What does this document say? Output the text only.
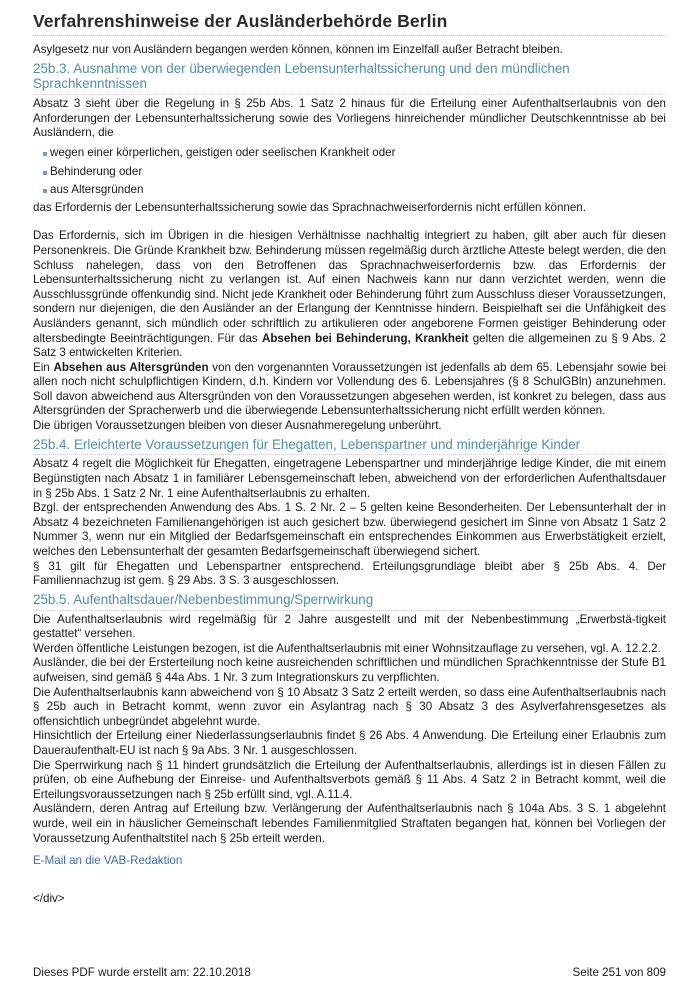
Verfahrenshinweise der Ausländerbehörde Berlin

Asylgesetz nur von Ausländern begangen werden können, können im Einzelfall außer Betracht bleiben.

25b.3. Ausnahme von der überwiegenden Lebensunterhaltssicherung und den mündlichen Sprachkenntnissen

Absatz 3 sieht über die Regelung in § 25b Abs. 1 Satz 2 hinaus für die Erteilung einer Aufenthaltserlaubnis von den Anforderungen der Lebensunterhaltssicherung sowie des Vorliegens hinreichender mündlicher Deutschkenntnisse ab bei Ausländern, die

wegen einer körperlichen, geistigen oder seelischen Krankheit oder
Behinderung oder
aus Altersgründen

das Erfordernis der Lebensunterhaltssicherung sowie das Sprachnachweiserfordernis nicht erfüllen können.

Das Erfordernis, sich im Übrigen in die hiesigen Verhältnisse nachhaltig integriert zu haben, gilt aber auch für diesen Personenkreis. Die Gründe Krankheit bzw. Behinderung müssen regelmäßig durch ärztliche Atteste belegt werden, die den Schluss nahelegen, dass von den Betroffenen das Sprachnachweiserfordernis bzw. das Erfordernis der Lebensunterhaltssicherung nicht zu verlangen ist. Auf einen Nachweis kann nur dann verzichtet werden, wenn die Ausschlussgründe offenkundig sind. Nicht jede Krankheit oder Behinderung führt zum Ausschluss dieser Voraussetzungen, sondern nur diejenigen, die den Ausländer an der Erlangung der Kenntnisse hindern. Beispielhaft sei die Unfähigkeit des Ausländers genannt, sich mündlich oder schriftlich zu artikulieren oder angeborene Formen geistiger Behinderung oder altersbedingte Beeinträchtigungen. Für das Absehen bei Behinderung, Krankheit gelten die allgemeinen zu § 9 Abs. 2 Satz 3 entwickelten Kriterien.

Ein Absehen aus Altersgründen von den vorgenannten Voraussetzungen ist jedenfalls ab dem 65. Lebensjahr sowie bei allen noch nicht schulpflichtigen Kindern, d.h. Kindern vor Vollendung des 6. Lebensjahres (§ 8 SchulGBln) anzunehmen. Soll davon abweichend aus Altersgründen von den Voraussetzungen abgesehen werden, ist konkret zu belegen, dass aus Altersgründen der Spracherwerb und die überwiegende Lebensunterhaltssicherung nicht erfüllt werden können.

Die übrigen Voraussetzungen bleiben von dieser Ausnahmeregelung unberührt.

25b.4. Erleichterte Voraussetzungen für Ehegatten, Lebenspartner und minderjährige Kinder

Absatz 4 regelt die Möglichkeit für Ehegatten, eingetragene Lebenspartner und minderjährige ledige Kinder, die mit einem Begünstigten nach Absatz 1 in familiärer Lebensgemeinschaft leben, abweichend von der erforderlichen Aufenthaltsdauer in § 25b Abs. 1 Satz 2 Nr. 1 eine Aufenthaltserlaubnis zu erhalten.

Bzgl. der entsprechenden Anwendung des Abs. 1 S. 2 Nr. 2 – 5 gelten keine Besonderheiten. Der Lebensunterhalt der in Absatz 4 bezeichneten Familienangehörigen ist auch gesichert bzw. überwiegend gesichert im Sinne von Absatz 1 Satz 2 Nummer 3, wenn nur ein Mitglied der Bedarfsgemeinschaft ein entsprechendes Einkommen aus Erwerbstätigkeit erzielt, welches den Lebensunterhalt der gesamten Bedarfsgemeinschaft überwiegend sichert.

§ 31 gilt für Ehegatten und Lebenspartner entsprechend. Erteilungsgrundlage bleibt aber § 25b Abs. 4. Der Familiennachzug ist gem. § 29 Abs. 3 S. 3 ausgeschlossen.

25b.5. Aufenthaltsdauer/Nebenbestimmung/Sperrwirkung

Die Aufenthaltserlaubnis wird regelmäßig für 2 Jahre ausgestellt und mit der Nebenbestimmung „Erwerbstä-tigkeit gestattet“ versehen.

Werden öffentliche Leistungen bezogen, ist die Aufenthaltserlaubnis mit einer Wohnsitzauflage zu versehen, vgl. A. 12.2.2.

Ausländer, die bei der Ersterteilung noch keine ausreichenden schriftlichen und mündlichen Sprachkenntnisse der Stufe B1 aufweisen, sind gemäß § 44a Abs. 1 Nr. 3 zum Integrationskurs zu verpflichten.

Die Aufenthaltserlaubnis kann abweichend von § 10 Absatz 3 Satz 2 erteilt werden, so dass eine Aufenthaltserlaubnis nach § 25b auch in Betracht kommt, wenn zuvor ein Asylantrag nach § 30 Absatz 3 des Asylverfahrensgesetzes als offensichtlich unbegründet abgelehnt wurde.

Hinsichtlich der Erteilung einer Niederlassungserlaubnis findet § 26 Abs. 4 Anwendung. Die Erteilung einer Erlaubnis zum Daueraufenthalt-EU ist nach § 9a Abs. 3 Nr. 1 ausgeschlossen.

Die Sperrwirkung nach § 11 hindert grundsätzlich die Erteilung der Aufenthaltserlaubnis, allerdings ist in diesen Fällen zu prüfen, ob eine Aufhebung der Einreise- und Aufenthaltsverbots gemäß § 11 Abs. 4 Satz 2 in Betracht kommt, weil die Erteilungsvoraussetzungen nach § 25b erfüllt sind, vgl. A.11.4.

Ausländern, deren Antrag auf Erteilung bzw. Verlängerung der Aufenthaltserlaubnis nach § 104a Abs. 3 S. 1 abgelehnt wurde, weil ein in häuslicher Gemeinschaft lebendes Familienmitglied Straftaten begangen hat, können bei Vorliegen der Voraussetzung Aufenthaltstitel nach § 25b erteilt werden.

E-Mail an die VAB-Redaktion
</div>
Dieses PDF wurde erstellt am: 22.10.2018	Seite 251 von 809
